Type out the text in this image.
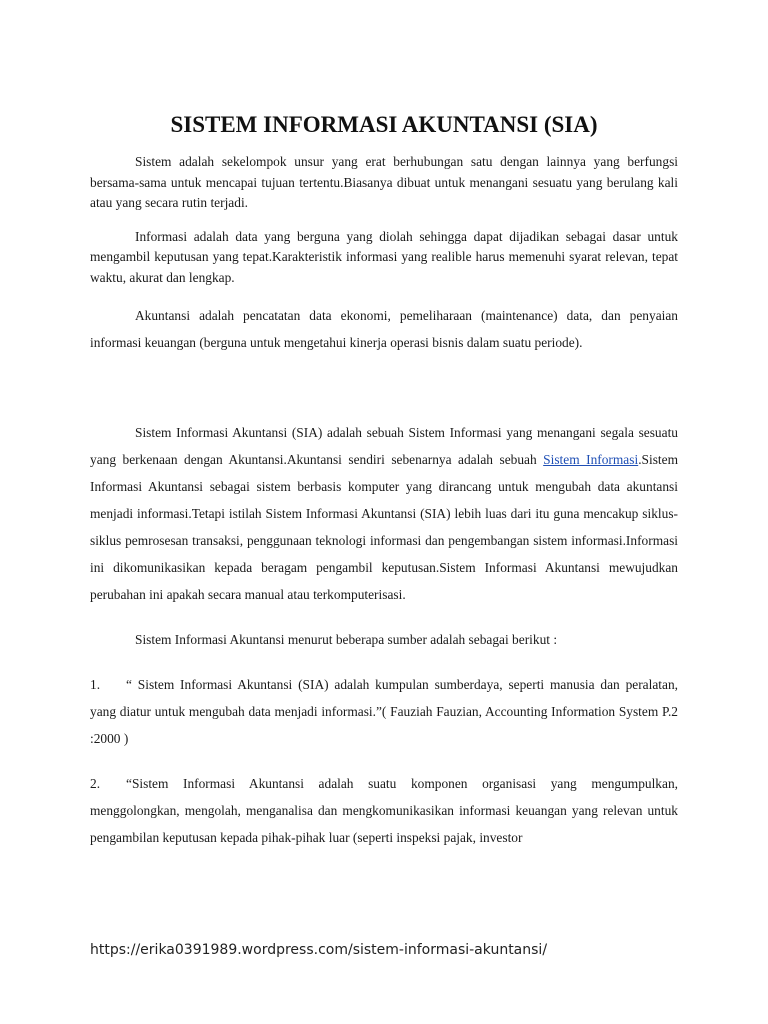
SISTEM INFORMASI AKUNTANSI (SIA)

Sistem adalah sekelompok unsur yang erat berhubungan satu dengan lainnya yang berfungsi bersama-sama untuk mencapai tujuan tertentu.Biasanya dibuat untuk menangani sesuatu yang berulang kali atau yang secara rutin terjadi.

Informasi adalah data yang berguna yang diolah sehingga dapat dijadikan sebagai dasar untuk mengambil keputusan yang tepat.Karakteristik informasi yang realible harus memenuhi syarat relevan, tepat waktu, akurat dan lengkap.

Akuntansi adalah pencatatan data ekonomi, pemeliharaan (maintenance) data, dan penyaian informasi keuangan (berguna untuk mengetahui kinerja operasi bisnis dalam suatu periode).

Sistem Informasi Akuntansi (SIA) adalah sebuah Sistem Informasi yang menangani segala sesuatu yang berkenaan dengan Akuntansi.Akuntansi sendiri sebenarnya adalah sebuah Sistem Informasi.Sistem Informasi Akuntansi sebagai sistem berbasis komputer yang dirancang untuk mengubah data akuntansi menjadi informasi.Tetapi istilah Sistem Informasi Akuntansi (SIA) lebih luas dari itu guna mencakup siklus-siklus pemrosesan transaksi, penggunaan teknologi informasi dan pengembangan sistem informasi.Informasi ini dikomunikasikan kepada beragam pengambil keputusan.Sistem Informasi Akuntansi mewujudkan perubahan ini apakah secara manual atau terkomputerisasi.

Sistem Informasi Akuntansi menurut beberapa sumber adalah sebagai berikut :

1. “ Sistem Informasi Akuntansi (SIA) adalah kumpulan sumberdaya, seperti manusia dan peralatan, yang diatur untuk mengubah data menjadi informasi.”( Fauziah Fauzian, Accounting Information System P.2 :2000 )

2. “Sistem Informasi Akuntansi adalah suatu komponen organisasi yang mengumpulkan, menggolongkan, mengolah, menganalisa dan mengkomunikasikan informasi keuangan yang relevan untuk pengambilan keputusan kepada pihak-pihak luar (seperti inspeksi pajak, investor

https://erika0391989.wordpress.com/sistem-informasi-akuntansi/
